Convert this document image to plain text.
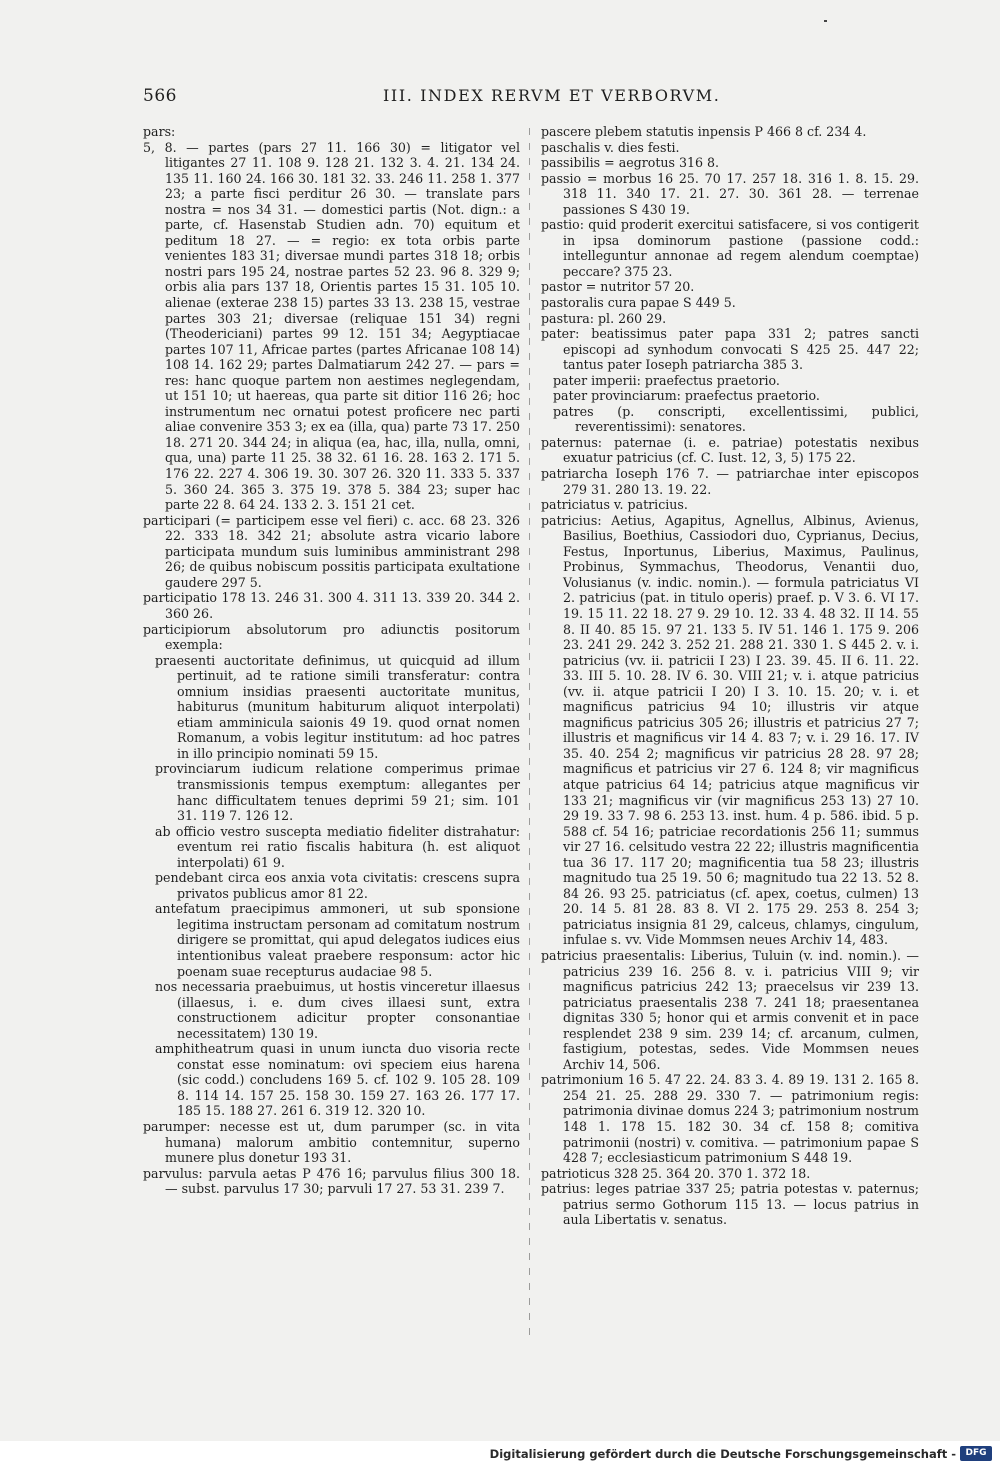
566	III. INDEX RERVM ET VERBORVM.

pars:

5, 8. — partes (pars 27 11. 166 30) = litigator vel litigantes 27 11. 108 9. 128 21. 132 3. 4. 21. 134 24. 135 11. 160 24. 166 30. 181 32. 33. 246 11. 258 1. 377 23; a parte fisci perditur 26 30. — translate pars nostra = nos 34 31. — domestici partis (Not. dign.: a parte, cf. Hasenstab Studien adn. 70) equitum et peditum 18 27. — = regio: ex tota orbis parte venientes 183 31; diversae mundi partes 318 18; orbis nostri pars 195 24, nostrae partes 52 23. 96 8. 329 9; orbis alia pars 137 18, Orientis partes 15 31. 105 10. alienae (exterae 238 15) partes 33 13. 238 15, vestrae partes 303 21; diversae (reliquae 151 34) regni (Theodericiani) partes 99 12. 151 34; Aegyptiacae partes 107 11, Africae partes (partes Africanae 108 14) 108 14. 162 29; partes Dalmatiarum 242 27. — pars = res: hanc quoque partem non aestimes neglegendam, ut 151 10; ut haereas, qua parte sit ditior 116 26; hoc instrumentum nec ornatui potest proficere nec parti aliae convenire 353 3; ex ea (illa, qua) parte 73 17. 250 18. 271 20. 344 24; in aliqua (ea, hac, illa, nulla, omni, qua, una) parte 11 25. 38 32. 61 16. 28. 163 2. 171 5. 176 22. 227 4. 306 19. 30. 307 26. 320 11. 333 5. 337 5. 360 24. 365 3. 375 19. 378 5. 384 23; super hac parte 22 8. 64 24. 133 2. 3. 151 21 cet.

participari (= participem esse vel fieri) c. acc. 68 23. 326 22. 333 18. 342 21; absolute astra vicario labore participata mundum suis luminibus amministrant 298 26; de quibus nobiscum possitis participata exultatione gaudere 297 5.

participatio 178 13. 246 31. 300 4. 311 13. 339 20. 344 2. 360 26.

participiorum absolutorum pro adiunctis positorum exempla:

praesenti auctoritate definimus, ut quicquid ad illum pertinuit, ad te ratione simili transferatur: contra omnium insidias praesenti auctoritate munitus, habiturus (munitum habiturum aliquot interpolati) etiam amminicula saionis 49 19. quod ornat nomen Romanum, a vobis legitur institutum: ad hoc patres in illo principio nominati 59 15.

provinciarum iudicum relatione comperimus primae transmissionis tempus exemptum: allegantes per hanc difficultatem tenues deprimi 59 21; sim. 101 31. 119 7. 126 12.

ab officio vestro suscepta mediatio fideliter distrahatur: eventum rei ratio fiscalis habitura (h. est aliquot interpolati) 61 9.

pendebant circa eos anxia vota civitatis: crescens supra privatos publicus amor 81 22.

antefatum praecipimus ammoneri, ut sub sponsione legitima instructam personam ad comitatum nostrum dirigere se promittat, qui apud delegatos iudices eius intentionibus valeat praebere responsum: actor hic poenam suae recepturus audaciae 98 5.

nos necessaria praebuimus, ut hostis vinceretur illaesus (illaesus, i. e. dum cives illaesi sunt, extra constructionem adicitur propter consonantiae necessitatem) 130 19.

amphitheatrum quasi in unum iuncta duo visoria recte constat esse nominatum: ovi speciem eius harena (sic codd.) concludens 169 5. cf. 102 9. 105 28. 109 8. 114 14. 157 25. 158 30. 159 27. 163 26. 177 17. 185 15. 188 27. 261 6. 319 12. 320 10.

parumper: necesse est ut, dum parumper (sc. in vita humana) malorum ambitio contemnitur, superno munere plus donetur 193 31.

parvulus: parvula aetas P 476 16; parvulus filius 300 18. — subst. parvulus 17 30; parvuli 17 27. 53 31. 239 7.

pascere plebem statutis inpensis P 466 8 cf. 234 4.

paschalis v. dies festi.

passibilis = aegrotus 316 8.

passio = morbus 16 25. 70 17. 257 18. 316 1. 8. 15. 29. 318 11. 340 17. 21. 27. 30. 361 28. — terrenae passiones S 430 19.

pastio: quid proderit exercitui satisfacere, si vos contigerit in ipsa dominorum pastione (passione codd.: intelleguntur annonae ad regem alendum coemptae) peccare? 375 23.

pastor = nutritor 57 20.

pastoralis cura papae S 449 5.

pastura: pl. 260 29.

pater: beatissimus pater papa 331 2; patres sancti episcopi ad synhodum convocati S 425 25. 447 22; tantus pater Ioseph patriarcha 385 3.

pater imperii: praefectus praetorio.

pater provinciarum: praefectus praetorio.

patres (p. conscripti, excellentissimi, publici, reverentissimi): senatores.

paternus: paternae (i. e. patriae) potestatis nexibus exuatur patricius (cf. C. Iust. 12, 3, 5) 175 22.

patriarcha Ioseph 176 7. — patriarchae inter episcopos 279 31. 280 13. 19. 22.

patriciatus v. patricius.

patricius: Aetius, Agapitus, Agnellus, Albinus, Avienus, Basilius, Boethius, Cassiodori duo, Cyprianus, Decius, Festus, Inportunus, Liberius, Maximus, Paulinus, Probinus, Symmachus, Theodorus, Venantii duo, Volusianus (v. indic. nomin.). — formula patriciatus VI 2. patricius (pat. in titulo operis) praef. p. V 3. 6. VI 17. 19. 15 11. 22 18. 27 9. 29 10. 12. 33 4. 48 32. II 14. 55 8. II 40. 85 15. 97 21. 133 5. IV 51. 146 1. 175 9. 206 23. 241 29. 242 3. 252 21. 288 21. 330 1. S 445 2. v. i. patricius (vv. ii. patricii I 23) I 23. 39. 45. II 6. 11. 22. 33. III 5. 10. 28. IV 6. 30. VIII 21; v. i. atque patricius (vv. ii. atque patricii I 20) I 3. 10. 15. 20; v. i. et magnificus patricius 94 10; illustris vir atque magnificus patricius 305 26; illustris et patricius 27 7; illustris et magnificus vir 14 4. 83 7; v. i. 29 16. 17. IV 35. 40. 254 2; magnificus vir patricius 28 28. 97 28; magnificus et patricius vir 27 6. 124 8; vir magnificus atque patricius 64 14; patricius atque magnificus vir 133 21; magnificus vir (vir magnificus 253 13) 27 10. 29 19. 33 7. 98 6. 253 13. inst. hum. 4 p. 586. ibid. 5 p. 588 cf. 54 16; patriciae recordationis 256 11; summus vir 27 16. celsitudo vestra 22 22; illustris magnificentia tua 36 17. 117 20; magnificentia tua 58 23; illustris magnitudo tua 25 19. 50 6; magnitudo tua 22 13. 52 8. 84 26. 93 25. patriciatus (cf. apex, coetus, culmen) 13 20. 14 5. 81 28. 83 8. VI 2. 175 29. 253 8. 254 3; patriciatus insignia 81 29, calceus, chlamys, cingulum, infulae s. vv. Vide Mommsen neues Archiv 14, 483.

patricius praesentalis: Liberius, Tuluin (v. ind. nomin.). — patricius 239 16. 256 8. v. i. patricius VIII 9; vir magnificus patricius 242 13; praecelsus vir 239 13. patriciatus praesentalis 238 7. 241 18; praesentanea dignitas 330 5; honor qui et armis convenit et in pace resplendet 238 9 sim. 239 14; cf. arcanum, culmen, fastigium, potestas, sedes. Vide Mommsen neues Archiv 14, 506.

patrimonium 16 5. 47 22. 24. 83 3. 4. 89 19. 131 2. 165 8. 254 21. 25. 288 29. 330 7. — patrimonium regis: patrimonia divinae domus 224 3; patrimonium nostrum 148 1. 178 15. 182 30. 34 cf. 158 8; comitiva patrimonii (nostri) v. comitiva. — patrimonium papae S 428 7; ecclesiasticum patrimonium S 448 19.

patrioticus 328 25. 364 20. 370 1. 372 18.

patrius: leges patriae 337 25; patria potestas v. paternus; patrius sermo Gothorum 115 13. — locus patrius in aula Libertatis v. senatus.

Digitalisierung gefördert durch die Deutsche Forschungsgemeinschaft -	DFG
